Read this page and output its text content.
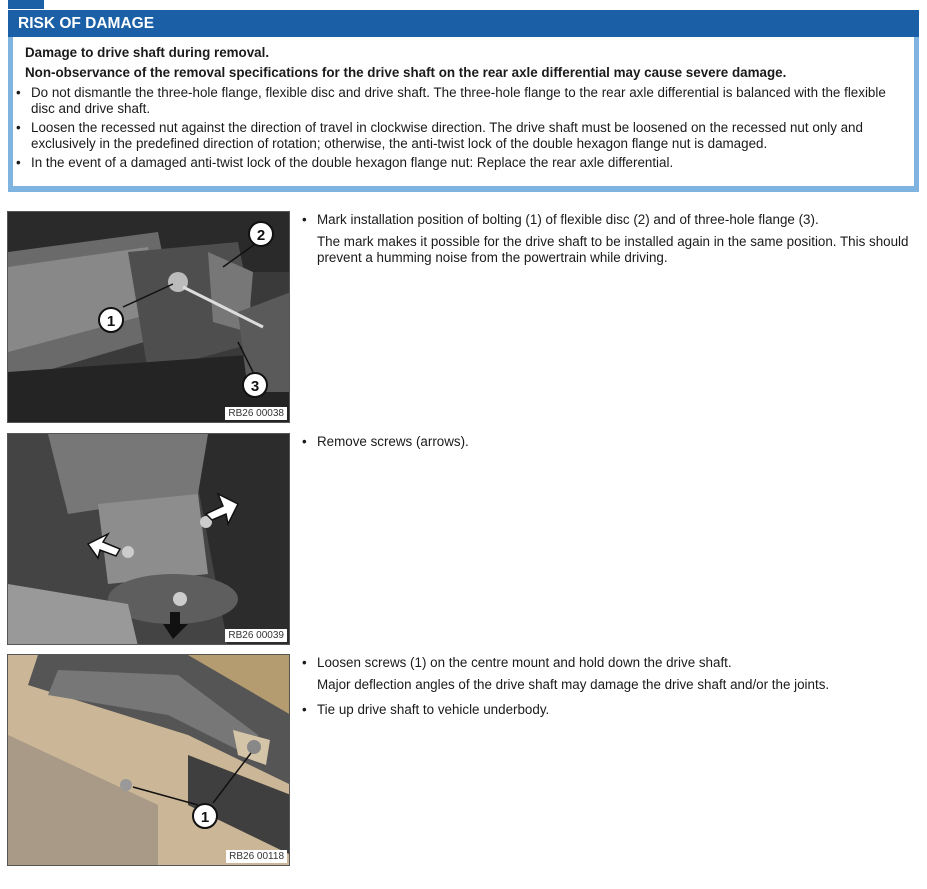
RISK OF DAMAGE
Damage to drive shaft during removal.
Non-observance of the removal specifications for the drive shaft on the rear axle differential may cause severe damage.
• Do not dismantle the three-hole flange, flexible disc and drive shaft. The three-hole flange to the rear axle differential is balanced with the flexible disc and drive shaft.
• Loosen the recessed nut against the direction of travel in clockwise direction. The drive shaft must be loosened on the recessed nut only and exclusively in the predefined direction of rotation; otherwise, the anti-twist lock of the double hexagon flange nut is damaged.
• In the event of a damaged anti-twist lock of the double hexagon flange nut: Replace the rear axle differential.
1
2
3
RB26 00038
• Mark installation position of bolting (1) of flexible disc (2) and of three-hole flange (3).
The mark makes it possible for the drive shaft to be installed again in the same position. This should prevent a humming noise from the powertrain while driving.
RB26 00039
• Remove screws (arrows).
1
RB26 00118
• Loosen screws (1) on the centre mount and hold down the drive shaft.
Major deflection angles of the drive shaft may damage the drive shaft and/or the joints.
• Tie up drive shaft to vehicle underbody.
